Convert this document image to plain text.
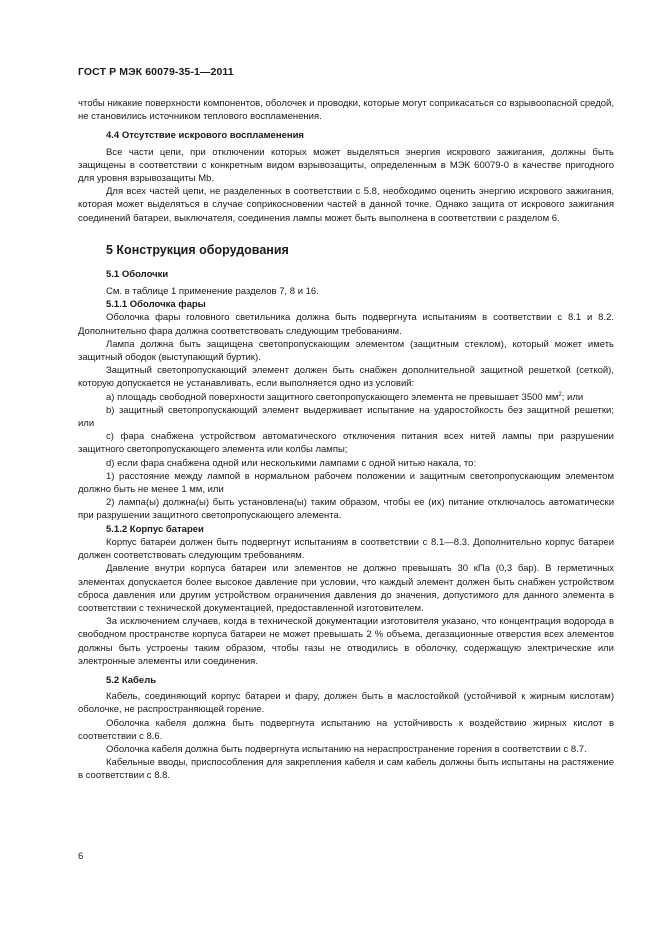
ГОСТ Р МЭК 60079-35-1—2011

чтобы никакие поверхности компонентов, оболочек и проводки, которые могут соприкасаться со взрывоопасной средой, не становились источником теплового воспламенения.

4.4 Отсутствие искрового воспламенения

Все части цепи, при отключении которых может выделяться энергия искрового зажигания, должны быть защищены в соответствии с конкретным видом взрывозащиты, определенным в МЭК 60079-0 в качестве пригодного для уровня взрывозащиты Mb.

Для всех частей цепи, не разделенных в соответствии с 5.8, необходимо оценить энергию искрового зажигания, которая может выделяться в случае соприкосновении частей в данной точке. Однако защита от искрового зажигания соединений батареи, выключателя, соединения лампы может быть выполнена в соответствии с разделом 6.

5 Конструкция оборудования
5.1 Оболочки

См. в таблице 1 применение разделов 7, 8 и 16.

5.1.1 Оболочка фары

Оболочка фары головного светильника должна быть подвергнута испытаниям в соответствии с 8.1 и 8.2. Дополнительно фара должна соответствовать следующим требованиям.

Лампа должна быть защищена светопропускающим элементом (защитным стеклом), который может иметь защитный ободок (выступающий буртик).

Защитный светопропускающий элемент должен быть снабжен дополнительной защитной решеткой (сеткой), которую допускается не устанавливать, если выполняется одно из условий:

a) площадь свободной поверхности защитного светопропускающего элемента не превышает 3500 $мм^2$; или

b) защитный светопропускающий элемент выдерживает испытание на ударостойкость без защитной решетки; или

c) фара снабжена устройством автоматического отключения питания всех нитей лампы при разрушении защитного светопропускающего элемента или колбы лампы;

d) если фара снабжена одной или несколькими лампами с одной нитью накала, то:

1) расстояние между лампой в нормальном рабочем положении и защитным светопропускающим элементом должно быть не менее 1 мм, или

2) лампа(ы) должна(ы) быть установлена(ы) таким образом, чтобы ее (их) питание отключалось автоматически при разрушении защитного светопропускающего элемента.

5.1.2 Корпус батареи

Корпус батареи должен быть подвергнут испытаниям в соответствии с 8.1—8.3. Дополнительно корпус батареи должен соответствовать следующим требованиям.

Давление внутри корпуса батареи или элементов не должно превышать 30 кПа (0,3 бар). В герметичных элементах допускается более высокое давление при условии, что каждый элемент должен быть снабжен устройством сброса давления или другим устройством ограничения давления до значения, допустимого для данного элемента в соответствии с технической документацией, предоставленной изготовителем.

За исключением случаев, когда в технической документации изготовителя указано, что концентрация водорода в свободном пространстве корпуса батареи не может превышать 2 % объема, дегазационные отверстия всех элементов должны быть устроены таким образом, чтобы газы не отводились в оболочку, содержащую электрические или электронные элементы или соединения.

5.2 Кабель

Кабель, соединяющий корпус батареи и фару, должен быть в маслостойкой (устойчивой к жирным кислотам) оболочке, не распространяющей горение.

Оболочка кабеля должна быть подвергнута испытанию на устойчивость к воздействию жирных кислот в соответствии с 8.6.

Оболочка кабеля должна быть подвергнута испытанию на нераспространение горения в соответствии с 8.7.

Кабельные вводы, приспособления для закрепления кабеля и сам кабель должны быть испытаны на растяжение в соответствии с 8.8.

6
